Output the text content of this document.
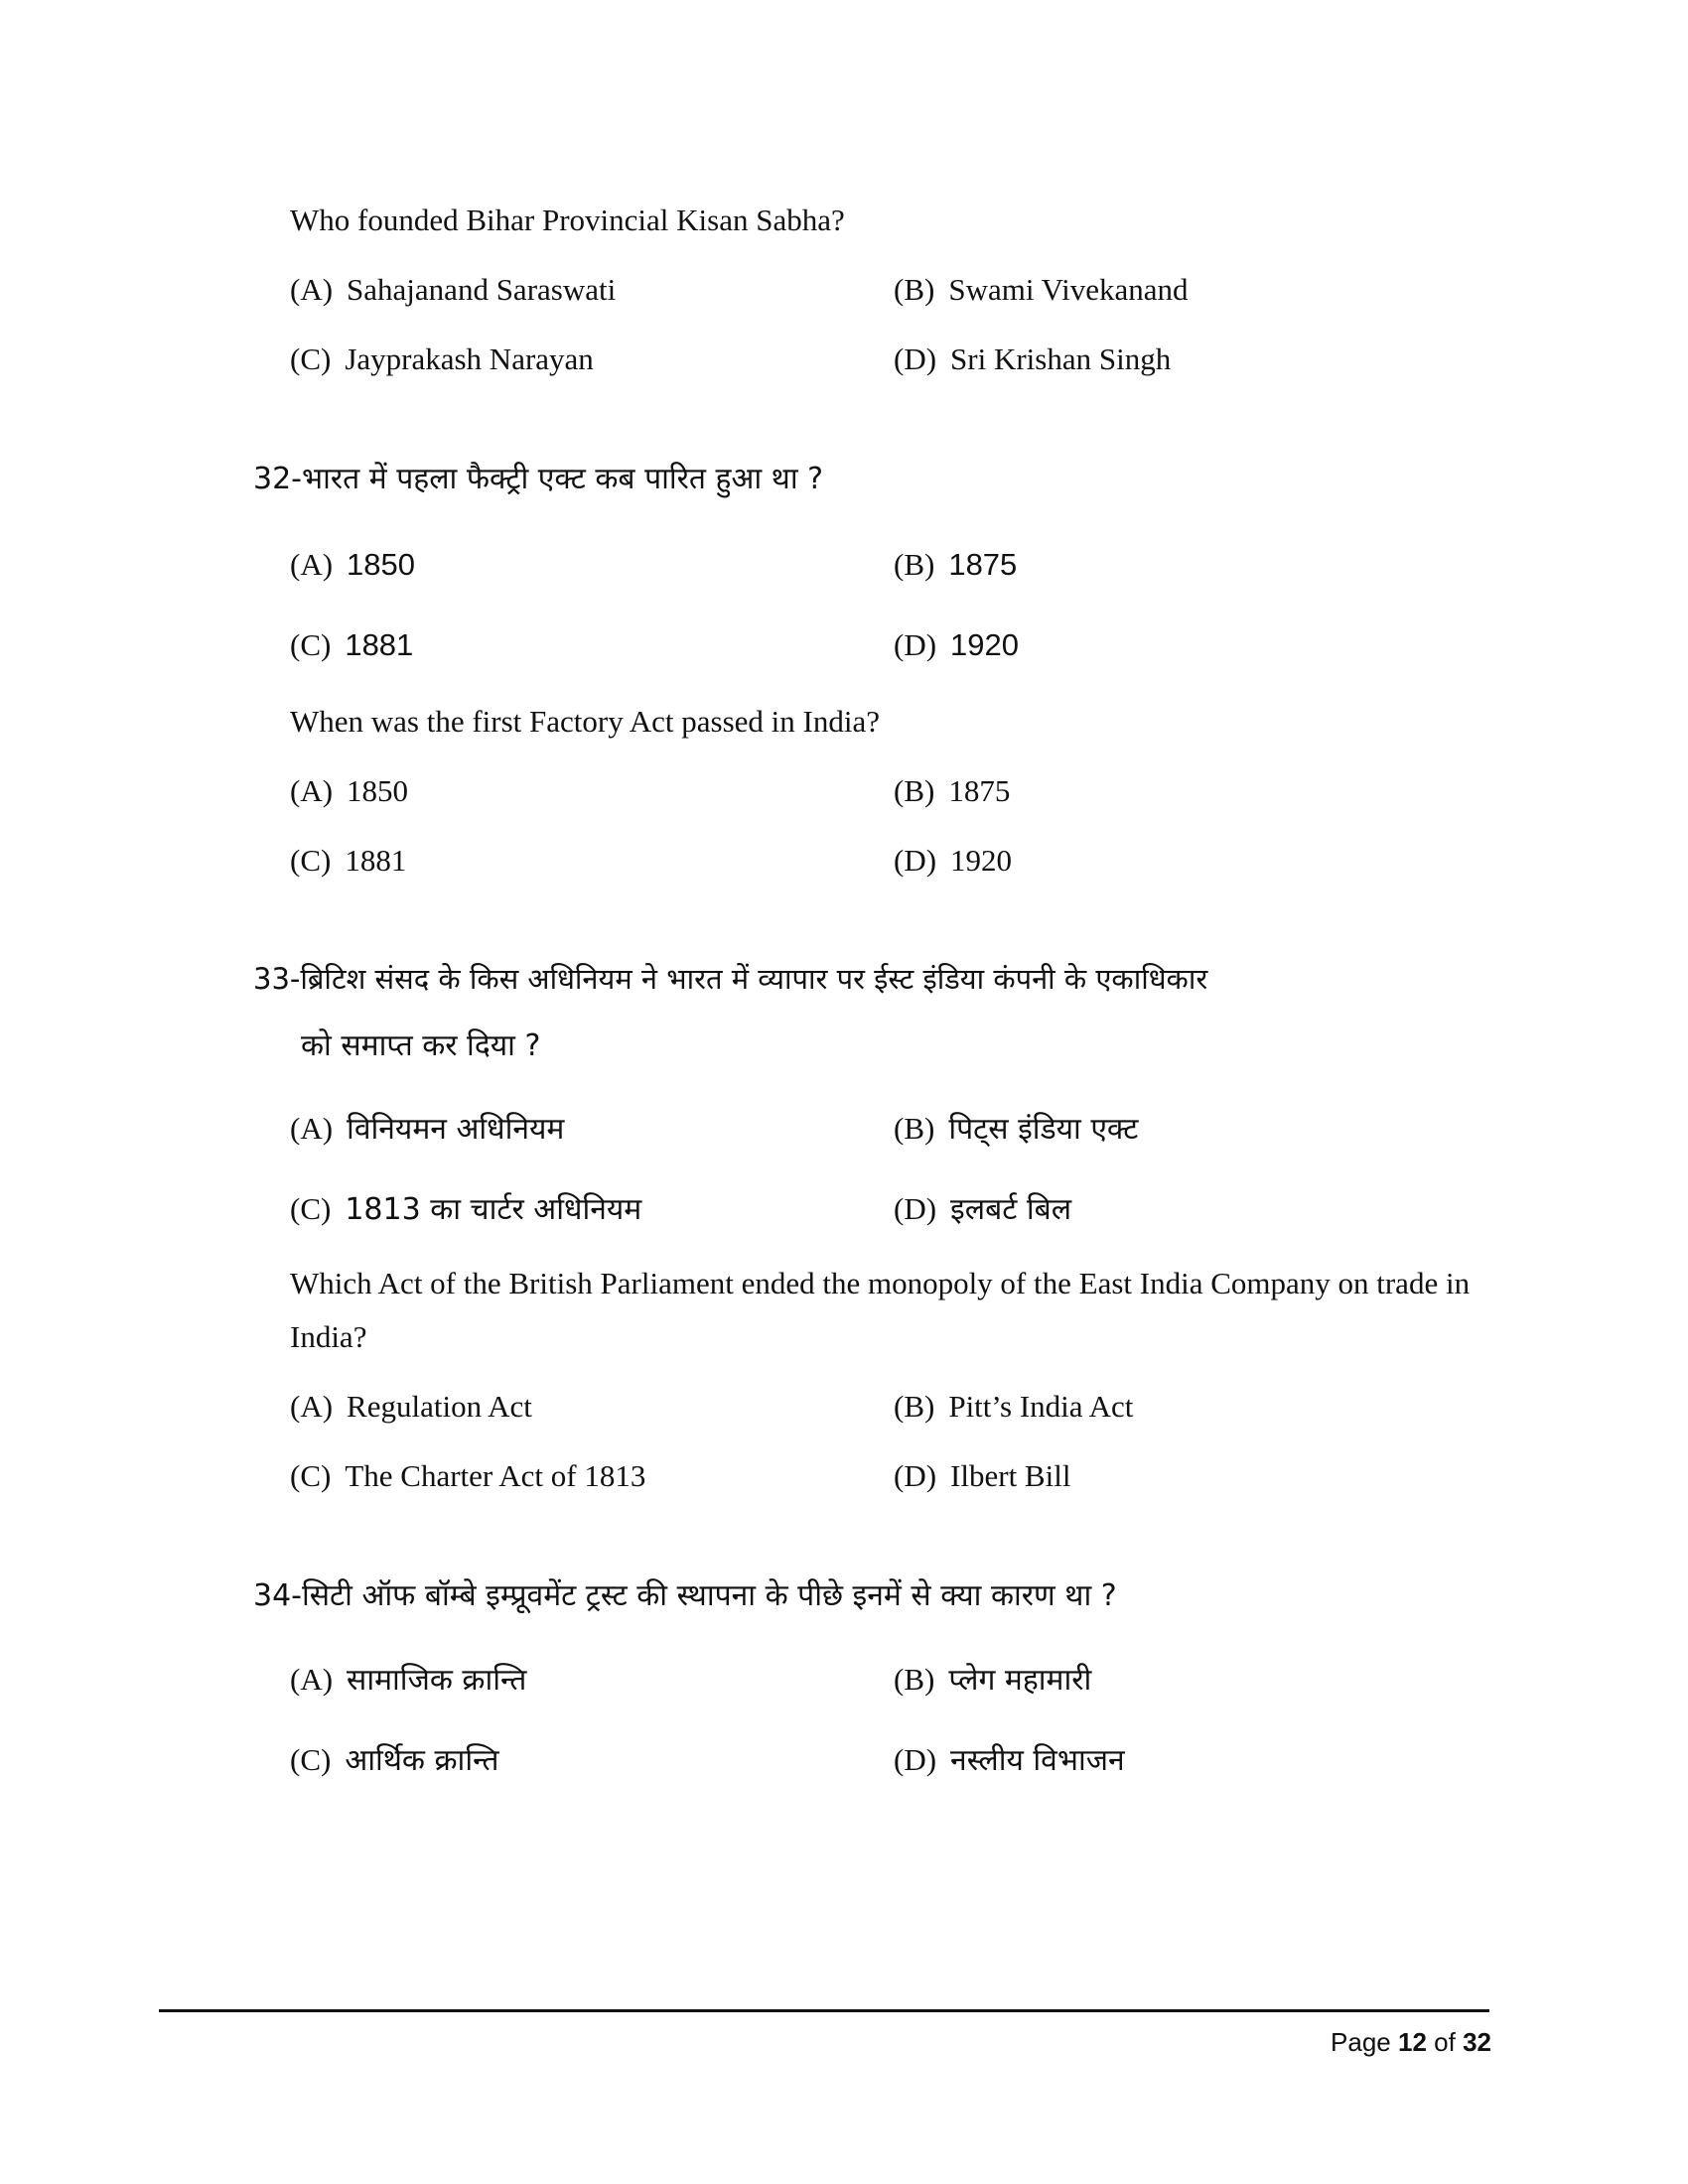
Who founded Bihar Provincial Kisan Sabha?
(A) Sahajanand Saraswati	(B) Swami Vivekanand
(C) Jayprakash Narayan	(D) Sri Krishan Singh
32-भारत में पहला फैक्ट्री एक्ट कब पारित हुआ था ?
(A) 1850	(B) 1875
(C) 1881	(D) 1920
When was the first Factory Act passed in India?
(A) 1850	(B) 1875
(C) 1881	(D) 1920
33-ब्रिटिश संसद के किस अधिनियम ने भारत में व्यापार पर ईस्ट इंडिया कंपनी के एकाधिकार
को समाप्त कर दिया ?
(A) विनियमन अधिनियम	(B) पिट्स इंडिया एक्ट
(C) 1813 का चार्टर अधिनियम	(D) इलबर्ट बिल
Which Act of the British Parliament ended the monopoly of the East India Company on trade in
India?
(A) Regulation Act	(B) Pitt’s India Act
(C) The Charter Act of 1813	(D) Ilbert Bill
34-सिटी ऑफ बॉम्बे इम्प्रूवमेंट ट्रस्ट की स्थापना के पीछे इनमें से क्या कारण था ?
(A) सामाजिक क्रान्ति	(B) प्लेग महामारी
(C) आर्थिक क्रान्ति	(D) नस्लीय विभाजन
Page 12 of 32
